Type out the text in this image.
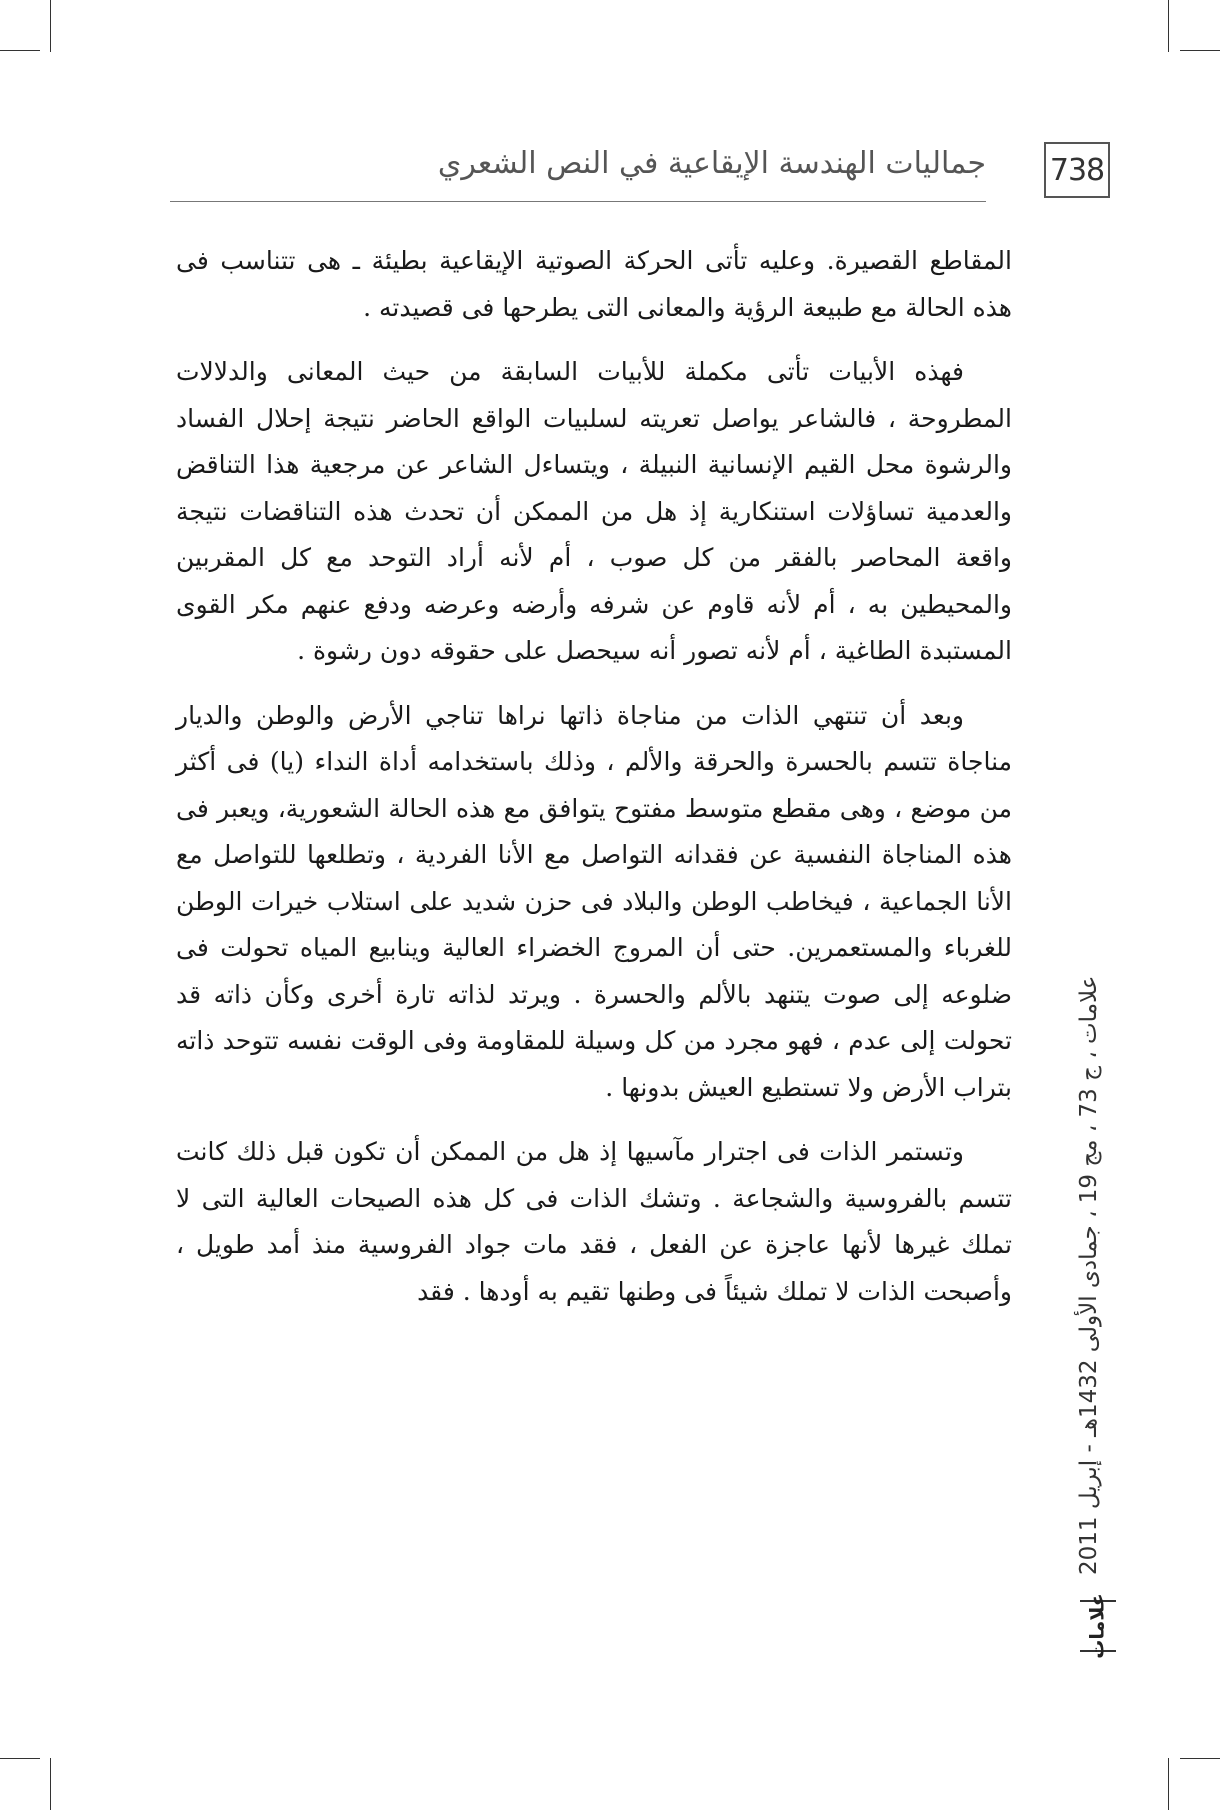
738
جماليات الهندسة الإيقاعية في النص الشعري

المقاطع القصيرة. وعليه تأتى الحركة الصوتية الإيقاعية بطيئة ـ هى تتناسب فى هذه الحالة مع طبيعة الرؤية والمعانى التى يطرحها فى قصيدته .

فهذه الأبيات تأتى مكملة للأبيات السابقة من حيث المعانى والدلالات المطروحة ، فالشاعر يواصل تعريته لسلبيات الواقع الحاضر نتيجة إحلال الفساد والرشوة محل القيم الإنسانية النبيلة ، ويتساءل الشاعر عن مرجعية هذا التناقض والعدمية تساؤلات استنكارية إذ هل من الممكن أن تحدث هذه التناقضات نتيجة واقعة المحاصر بالفقر من كل صوب ، أم لأنه أراد التوحد مع كل المقربين والمحيطين به ، أم لأنه قاوم عن شرفه وأرضه وعرضه ودفع عنهم مكر القوى المستبدة الطاغية ، أم لأنه تصور أنه سيحصل على حقوقه دون رشوة .

وبعد أن تنتهي الذات من مناجاة ذاتها نراها تناجي الأرض والوطن والديار مناجاة تتسم بالحسرة والحرقة والألم ، وذلك باستخدامه أداة النداء (يا) فى أكثر من موضع ، وهى مقطع متوسط مفتوح يتوافق مع هذه الحالة الشعورية، ويعبر فى هذه المناجاة النفسية عن فقدانه التواصل مع الأنا الفردية ، وتطلعها للتواصل مع الأنا الجماعية ، فيخاطب الوطن والبلاد فى حزن شديد على استلاب خيرات الوطن للغرباء والمستعمرين. حتى أن المروج الخضراء العالية وينابيع المياه تحولت فى ضلوعه إلى صوت يتنهد بالألم والحسرة . ويرتد لذاته تارة أخرى وكأن ذاته قد تحولت إلى عدم ، فهو مجرد من كل وسيلة للمقاومة وفى الوقت نفسه تتوحد ذاته بتراب الأرض ولا تستطيع العيش بدونها .

وتستمر الذات فى اجترار مآسيها إذ هل من الممكن أن تكون قبل ذلك كانت تتسم بالفروسية والشجاعة . وتشك الذات فى كل هذه الصيحات العالية التى لا تملك غيرها لأنها عاجزة عن الفعل ، فقد مات جواد الفروسية منذ أمد طويل ، وأصبحت الذات لا تملك شيئاً فى وطنها تقيم به أودها . فقد

علامات ، ج 73 ، مج 19 ، جمادى الأولى 1432هـ - إبريل 2011
علامات
